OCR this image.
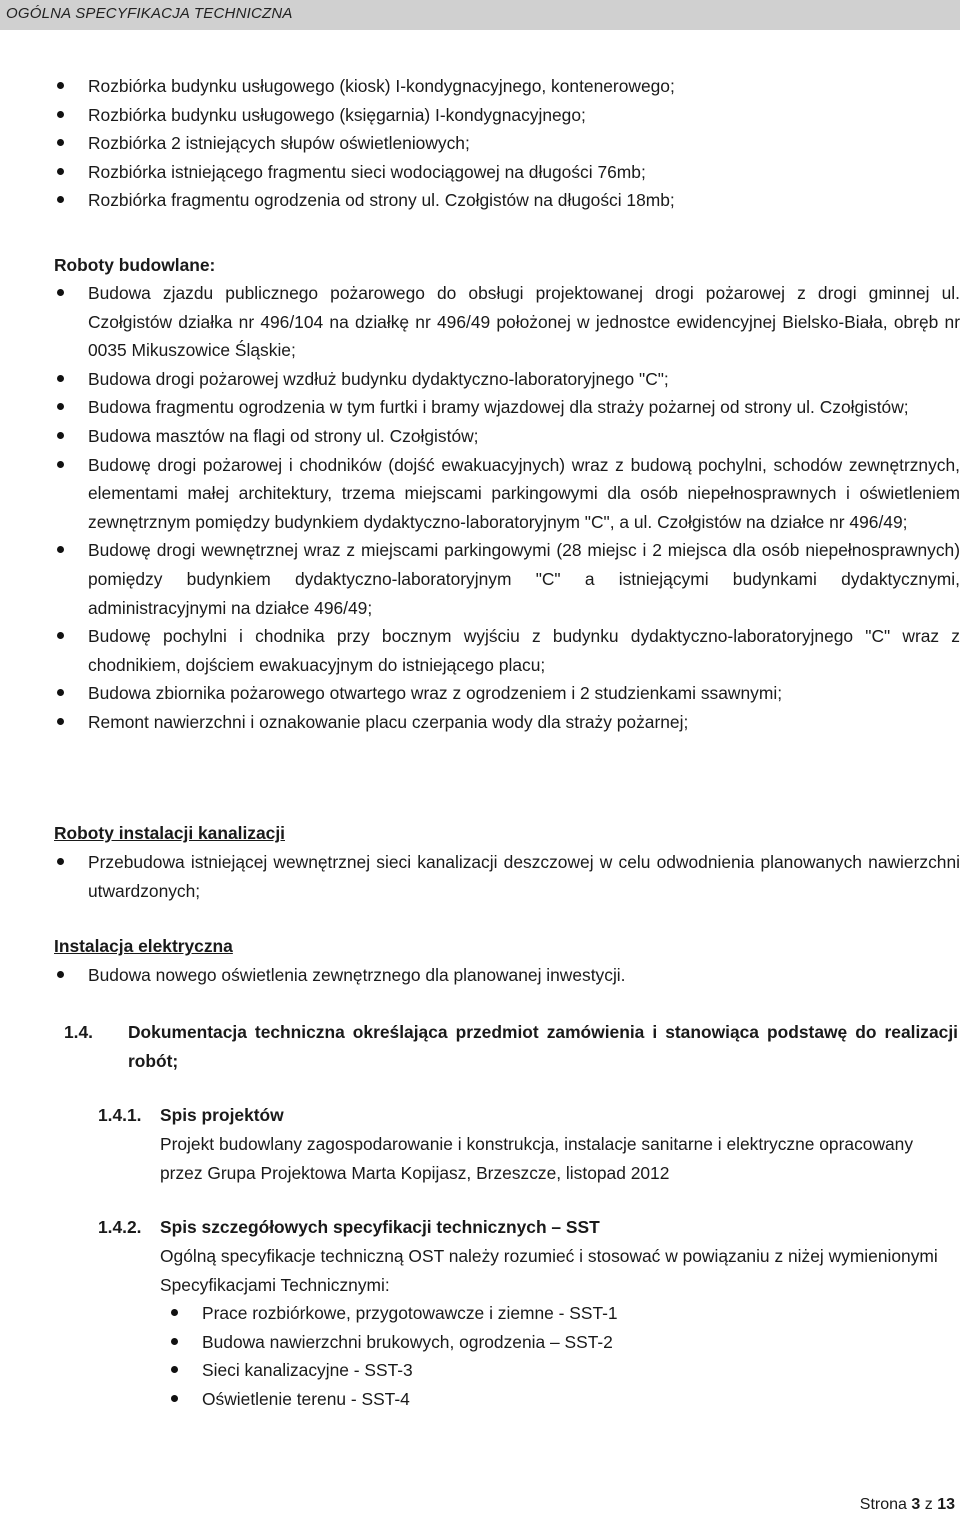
OGÓLNA SPECYFIKACJA TECHNICZNA
Rozbiórka budynku usługowego (kiosk) I-kondygnacyjnego, kontenerowego;
Rozbiórka budynku usługowego (księgarnia) I-kondygnacyjnego;
Rozbiórka 2 istniejących słupów oświetleniowych;
Rozbiórka istniejącego fragmentu sieci wodociągowej na długości 76mb;
Rozbiórka fragmentu ogrodzenia od strony ul. Czołgistów na długości 18mb;
Roboty budowlane:
Budowa zjazdu publicznego pożarowego do obsługi projektowanej drogi pożarowej z drogi gminnej ul. Czołgistów działka nr 496/104 na działkę nr 496/49 położonej w jednostce ewidencyjnej Bielsko-Biała, obręb nr 0035 Mikuszowice Śląskie;
Budowa drogi pożarowej wzdłuż budynku dydaktyczno-laboratoryjnego "C";
Budowa fragmentu ogrodzenia w tym furtki i bramy wjazdowej dla straży pożarnej od strony ul. Czołgistów;
Budowa masztów na flagi od strony ul. Czołgistów;
Budowę drogi pożarowej i chodników (dojść ewakuacyjnych) wraz z budową pochylni, schodów zewnętrznych, elementami małej architektury, trzema miejscami parkingowymi dla osób niepełnosprawnych i oświetleniem zewnętrznym pomiędzy budynkiem dydaktyczno-laboratoryjnym "C", a ul. Czołgistów na działce nr 496/49;
Budowę drogi wewnętrznej wraz z miejscami parkingowymi (28 miejsc i 2 miejsca dla osób niepełnosprawnych) pomiędzy budynkiem dydaktyczno-laboratoryjnym "C" a istniejącymi budynkami dydaktycznymi, administracyjnymi na działce 496/49;
Budowę pochylni i chodnika przy bocznym wyjściu z budynku dydaktyczno-laboratoryjnego "C" wraz z chodnikiem, dojściem ewakuacyjnym do istniejącego placu;
Budowa zbiornika pożarowego otwartego wraz z ogrodzeniem i 2 studzienkami ssawnymi;
Remont nawierzchni i oznakowanie placu czerpania wody dla straży pożarnej;
Roboty instalacji kanalizacji
Przebudowa istniejącej wewnętrznej sieci kanalizacji deszczowej w celu odwodnienia planowanych nawierzchni utwardzonych;
Instalacja elektryczna
Budowa nowego oświetlenia zewnętrznego dla planowanej inwestycji.
1.4. Dokumentacja techniczna określająca przedmiot zamówienia i stanowiąca podstawę do realizacji robót;
1.4.1. Spis projektów
Projekt budowlany zagospodarowanie i konstrukcja, instalacje sanitarne i elektryczne opracowany przez Grupa Projektowa Marta Kopijasz, Brzeszcze, listopad 2012
1.4.2. Spis szczegółowych specyfikacji technicznych – SST
Ogólną specyfikacje techniczną OST należy rozumieć i stosować w powiązaniu z niżej wymienionymi Specyfikacjami Technicznymi:
Prace rozbiórkowe, przygotowawcze i ziemne - SST-1
Budowa nawierzchni brukowych, ogrodzenia – SST-2
Sieci kanalizacyjne - SST-3
Oświetlenie terenu - SST-4
Strona 3 z 13
